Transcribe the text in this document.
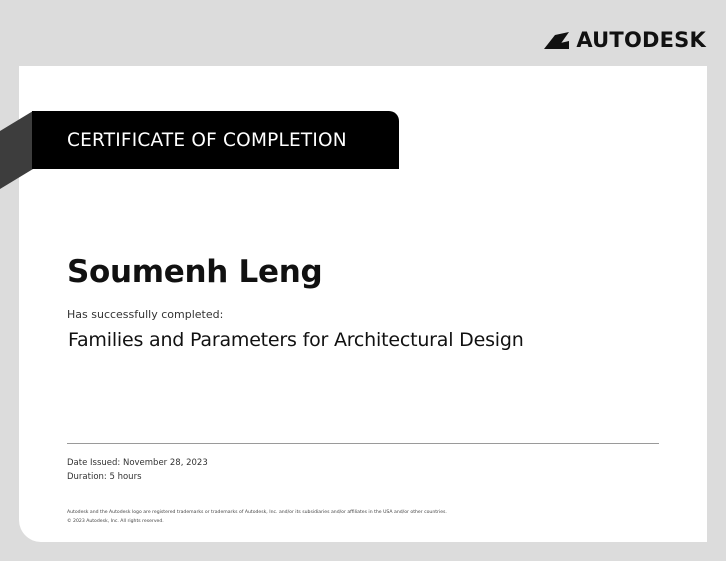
AUTODESK
CERTIFICATE OF COMPLETION
Soumenh Leng
Has successfully completed:
Families and Parameters for Architectural Design
Date Issued: November 28, 2023
Duration: 5 hours
Autodesk and the Autodesk logo are registered trademarks or trademarks of Autodesk, Inc. and/or its subsidiaries and/or affiliates in the USA and/or other countries.
© 2023 Autodesk, Inc. All rights reserved.
